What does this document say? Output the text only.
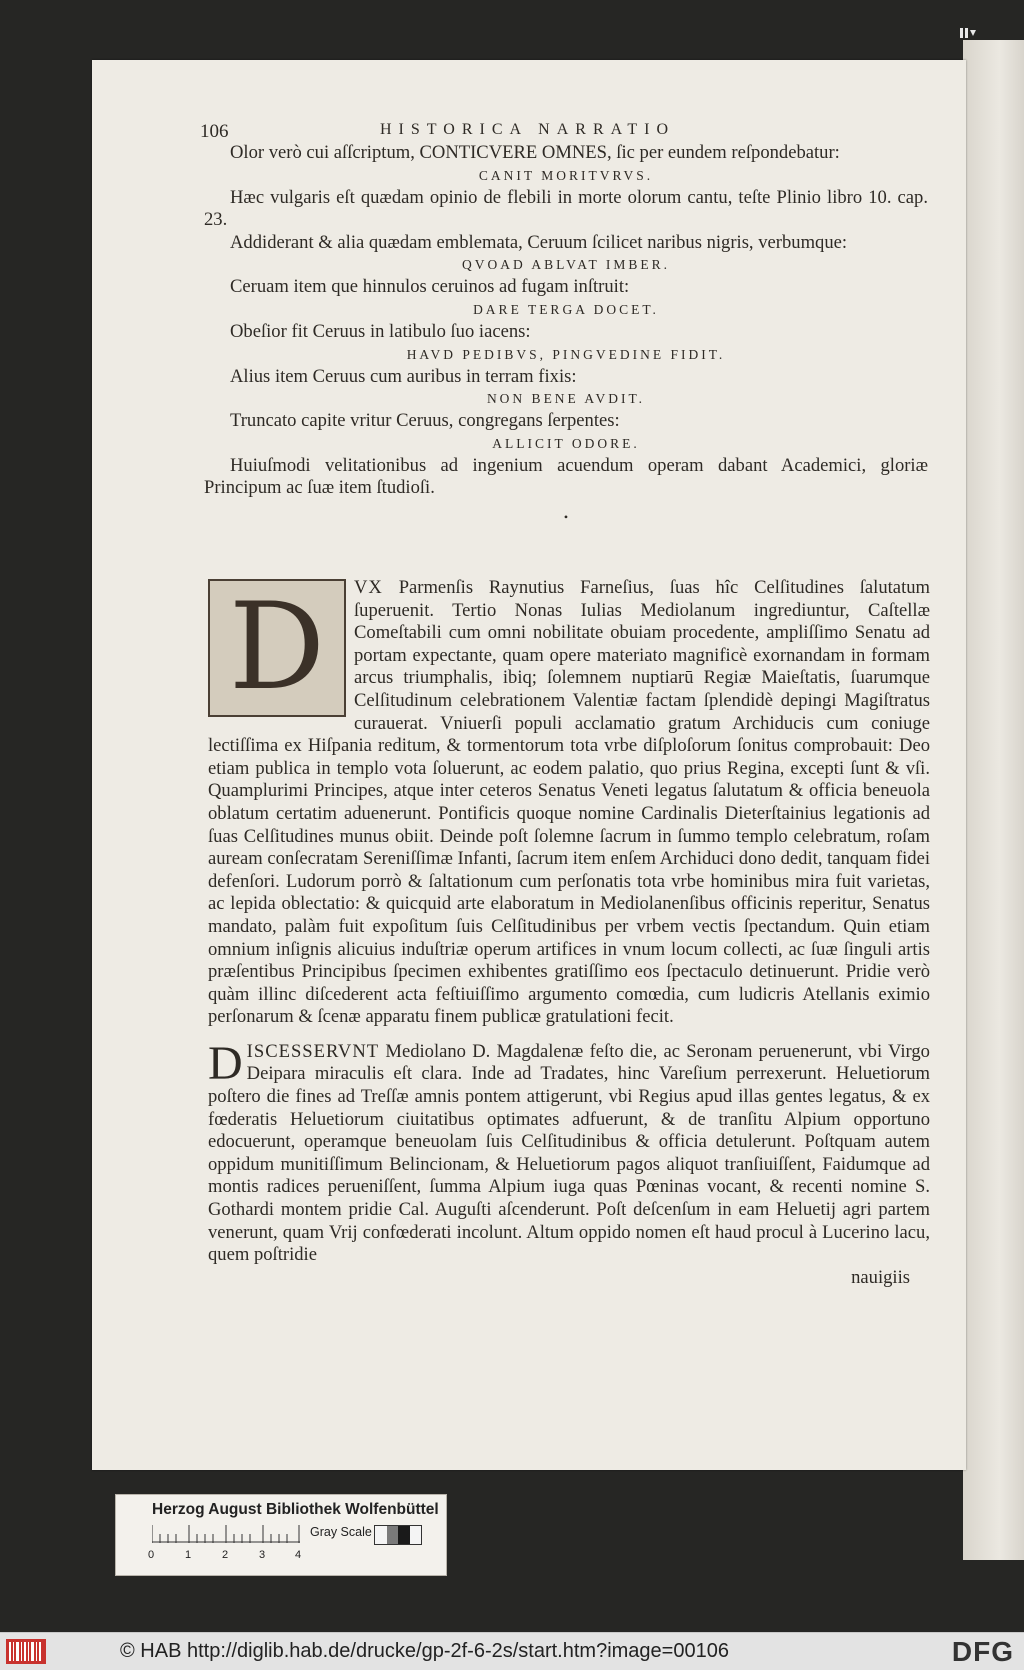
106	HISTORICA NARRATIO

Olor verò cui aſſcriptum, CONTICVERE OMNES, ſic per eundem reſpondebatur:

CANIT MORITVRVS.

Hæc vulgaris eſt quædam opinio de flebili in morte olorum cantu, teſte Plinio libro 10. cap. 23.

Addiderant & alia quædam emblemata, Ceruum ſcilicet naribus nigris, verbumque:

QVOAD ABLVAT IMBER.

Ceruam item que hinnulos ceruinos ad fugam inſtruit:

DARE TERGA DOCET.

Obeſior fit Ceruus in latibulo ſuo iacens:

HAVD PEDIBVS, PINGVEDINE FIDIT.

Alius item Ceruus cum auribus in terram fixis:

NON BENE AVDIT.

Truncato capite vritur Ceruus, congregans ſerpentes:

ALLICIT ODORE.

Huiuſmodi velitationibus ad ingenium acuendum operam dabant Academici, gloriæ Principum ac ſuæ item ſtudioſi.

•

D	VX Parmenſis Raynutius Farneſius, ſuas hîc Celſitudines ſalutatum ſuperuenit. Tertio Nonas Iulias Mediolanum ingrediuntur, Caſtellæ Comeſtabili cum omni nobilitate obuiam procedente, ampliſſimo Senatu ad portam expectante, quam opere materiato magnificè exornandam in formam arcus triumphalis, ibiq; ſolemnem nuptiarū Regiæ Maieſtatis, ſuarumque Celſitudinum celebrationem Valentiæ factam ſplendidè depingi Magiſtratus curauerat. Vniuerſi populi acclamatio gratum Archiducis cum coniuge lectiſſima ex Hiſpania reditum, & tormentorum tota vrbe diſploſorum ſonitus comprobauit: Deo etiam publica in templo vota ſoluerunt, ac eodem palatio, quo prius Regina, excepti ſunt & vſi. Quamplurimi Principes, atque inter ceteros Senatus Veneti legatus ſalutatum & officia beneuola oblatum certatim aduenerunt. Pontificis quoque nomine Cardinalis Dieterſtainius legationis ad ſuas Celſitudines munus obiit. Deinde poſt ſolemne ſacrum in ſummo templo celebratum, roſam auream conſecratam Sereniſſimæ Infanti, ſacrum item enſem Archiduci dono dedit, tanquam fidei defenſori. Ludorum porrò & ſaltationum cum perſonatis tota vrbe hominibus mira fuit varietas, ac lepida oblectatio: & quicquid arte elaboratum in Mediolanenſibus officinis reperitur, Senatus mandato, palàm fuit expoſitum ſuis Celſitudinibus per vrbem vectis ſpectandum. Quin etiam omnium inſignis alicuius induſtriæ operum artifices in vnum locum collecti, ac ſuæ ſinguli artis præſentibus Principibus ſpecimen exhibentes gratiſſimo eos ſpectaculo detinuerunt. Pridie verò quàm illinc diſcederent acta feſtiuiſſimo argumento comœdia, cum ludicris Atellanis eximio perſonarum & ſcenæ apparatu finem publicæ gratulationi fecit.

D ISCESSERVNT Mediolano D. Magdalenæ feſto die, ac Seronam peruenerunt, vbi Virgo Deipara miraculis eſt clara. Inde ad Tradates, hinc Vareſium perrexerunt. Heluetiorum poſtero die fines ad Treſſæ amnis pontem attigerunt, vbi Regius apud illas gentes legatus, & ex fœderatis Heluetiorum ciuitatibus optimates adfuerunt, & de tranſitu Alpium opportuno edocuerunt, operamque beneuolam ſuis Celſitudinibus & officia detulerunt. Poſtquam autem oppidum munitiſſimum Belincionam, & Heluetiorum pagos aliquot tranſiuiſſent, Faidumque ad montis radices perueniſſent, ſumma Alpium iuga quas Pœninas vocant, & recenti nomine S. Gothardi montem pridie Cal. Auguſti aſcenderunt. Poſt deſcenſum in eam Heluetij agri partem venerunt, quam Vrij confœderati incolunt. Altum oppido nomen eſt haud procul à Lucerino lacu, quem poſtridie

nauigiis

Herzog August Bibliothek Wolfenbüttel
0	1	2	3	4
Gray Scale
© HAB http://diglib.hab.de/drucke/gp-2f-6-2s/start.htm?image=00106	DFG
